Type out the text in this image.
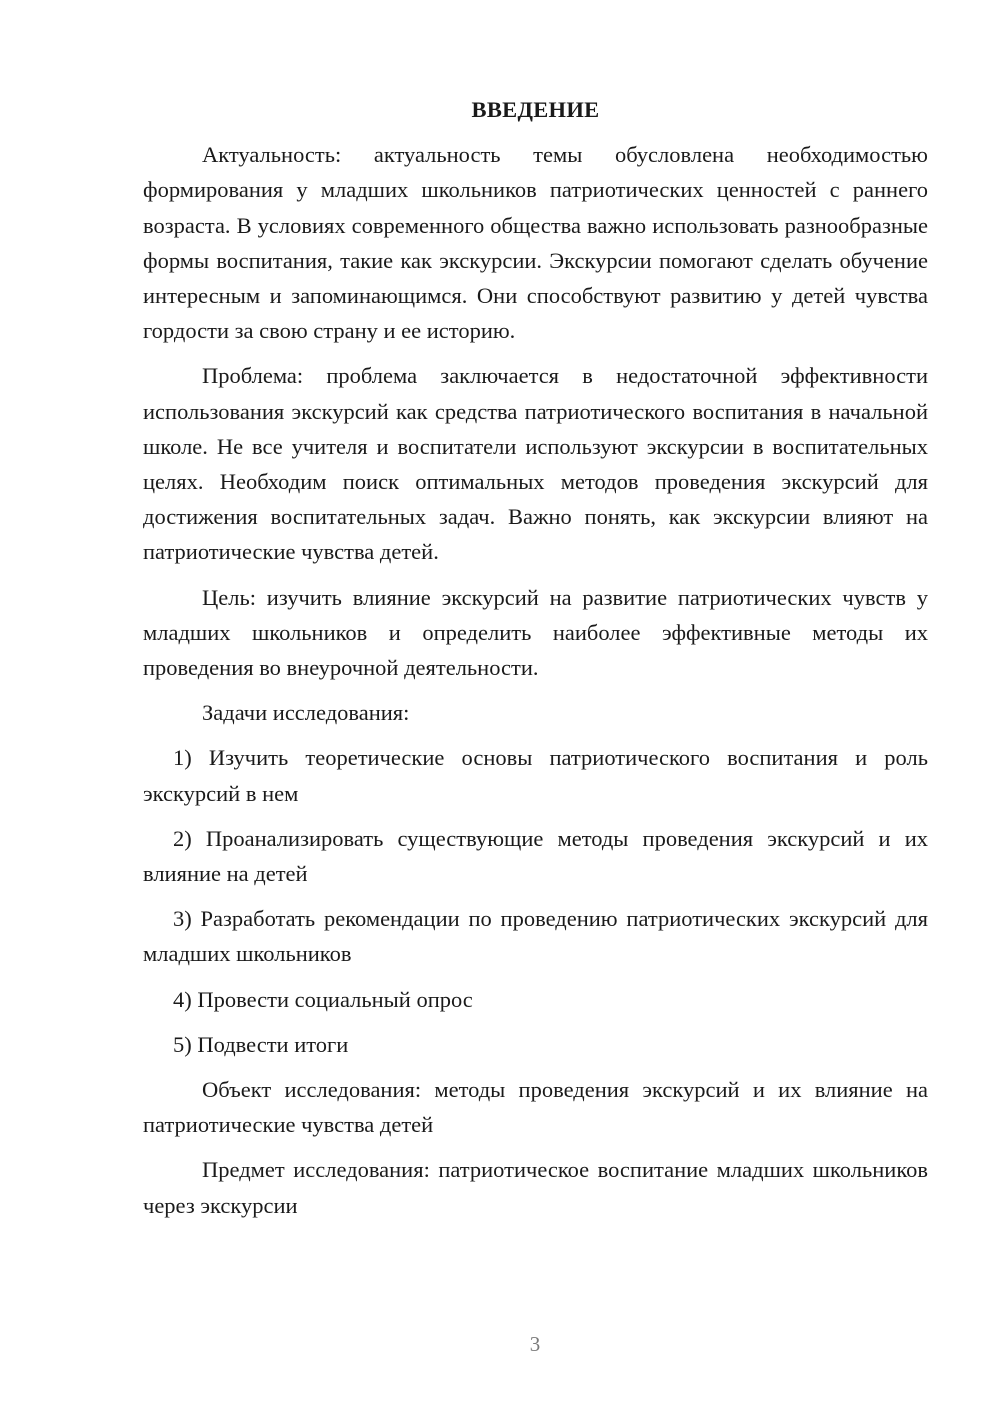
ВВЕДЕНИЕ

Актуальность: актуальность темы обусловлена необходимостью формирования у младших школьников патриотических ценностей с раннего возраста. В условиях современного общества важно использовать разнообразные формы воспитания, такие как экскурсии. Экскурсии помогают сделать обучение интересным и запоминающимся. Они способствуют развитию у детей чувства гордости за свою страну и ее историю.

Проблема: проблема заключается в недостаточной эффективности использования экскурсий как средства патриотического воспитания в начальной школе. Не все учителя и воспитатели используют экскурсии в воспитательных целях. Необходим поиск оптимальных методов проведения экскурсий для достижения воспитательных задач. Важно понять, как экскурсии влияют на патриотические чувства детей.

Цель: изучить влияние экскурсий на развитие патриотических чувств у младших школьников и определить наиболее эффективные методы их проведения во внеурочной деятельности.

Задачи исследования:

1) Изучить теоретические основы патриотического воспитания и роль экскурсий в нем

2) Проанализировать существующие методы проведения экскурсий и их влияние на детей

3) Разработать рекомендации по проведению патриотических экскурсий для младших школьников

4) Провести социальный опрос

5) Подвести итоги

Объект исследования: методы проведения экскурсий и их влияние на патриотические чувства детей

Предмет исследования: патриотическое воспитание младших школьников через экскурсии

3
